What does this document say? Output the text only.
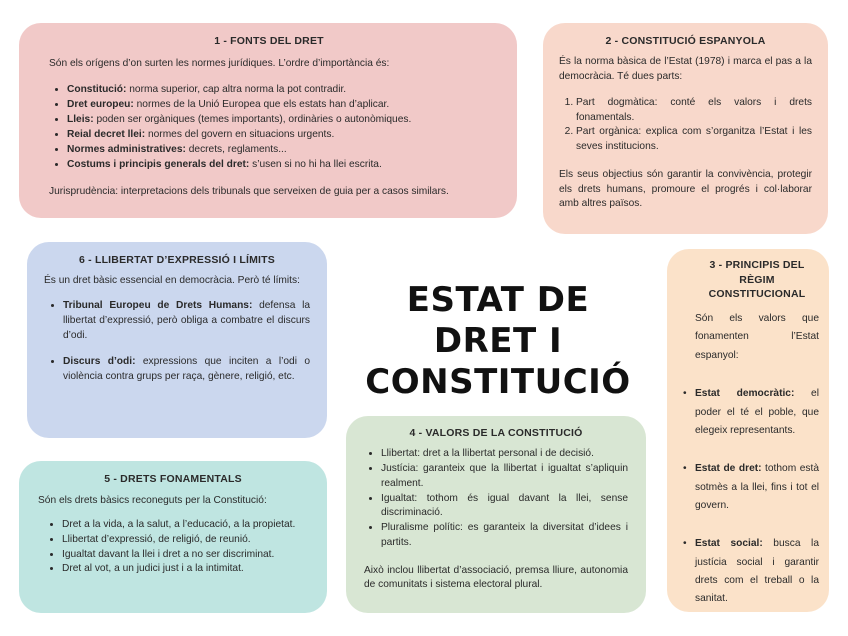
1 - FONTS DEL DRET

Són els orígens d’on surten les normes jurídiques. L’ordre d’importància és:

• Constitució: norma superior, cap altra norma la pot contradir.
• Dret europeu: normes de la Unió Europea que els estats han d’aplicar.
• Lleis: poden ser orgàniques (temes importants), ordinàries o autonòmiques.
• Reial decret llei: normes del govern en situacions urgents.
• Normes administratives: decrets, reglaments...
• Costums i principis generals del dret: s’usen si no hi ha llei escrita.

Jurisprudència: interpretacions dels tribunals que serveixen de guia per a casos similars.

2 - CONSTITUCIÓ ESPANYOLA

És la norma bàsica de l’Estat (1978) i marca el pas a la democràcia. Té dues parts:

1. Part dogmàtica: conté els valors i drets fonamentals.
2. Part orgànica: explica com s’organitza l’Estat i les seves institucions.

Els seus objectius són garantir la convivència, protegir els drets humans, promoure el progrés i col·laborar amb altres països.

3 - PRINCIPIS DEL RÈGIM CONSTITUCIONAL

Són els valors que fonamenten l’Estat espanyol:

• Estat democràtic: el poder el té el poble, que elegeix representants.
• Estat de dret: tothom està sotmès a la llei, fins i tot el govern.
• Estat social: busca la justícia social i garantir drets com el treball o la sanitat.
4 - VALORS DE LA CONSTITUCIÓ
• Llibertat: dret a la llibertat personal i de decisió.
• Justícia: garanteix que la llibertat i igualtat s’apliquin realment.
• Igualtat: tothom és igual davant la llei, sense discriminació.
• Pluralisme polític: es garanteix la diversitat d’idees i partits.

Això inclou llibertat d’associació, premsa lliure, autonomia de comunitats i sistema electoral plural.

5 - DRETS FONAMENTALS

Són els drets bàsics reconeguts per la Constitució:

• Dret a la vida, a la salut, a l’educació, a la propietat.
• Llibertat d’expressió, de religió, de reunió.
• Igualtat davant la llei i dret a no ser discriminat.
• Dret al vot, a un judici just i a la intimitat.
6 - LLIBERTAT D’EXPRESSIÓ I LÍMITS

És un dret bàsic essencial en democràcia. Però té límits:

• Tribunal Europeu de Drets Humans: defensa la llibertat d’expressió, però obliga a combatre el discurs d’odi.
• Discurs d’odi: expressions que inciten a l’odi o violència contra grups per raça, gènere, religió, etc.
ESTAT DE DRET I CONSTITUCIÓ
